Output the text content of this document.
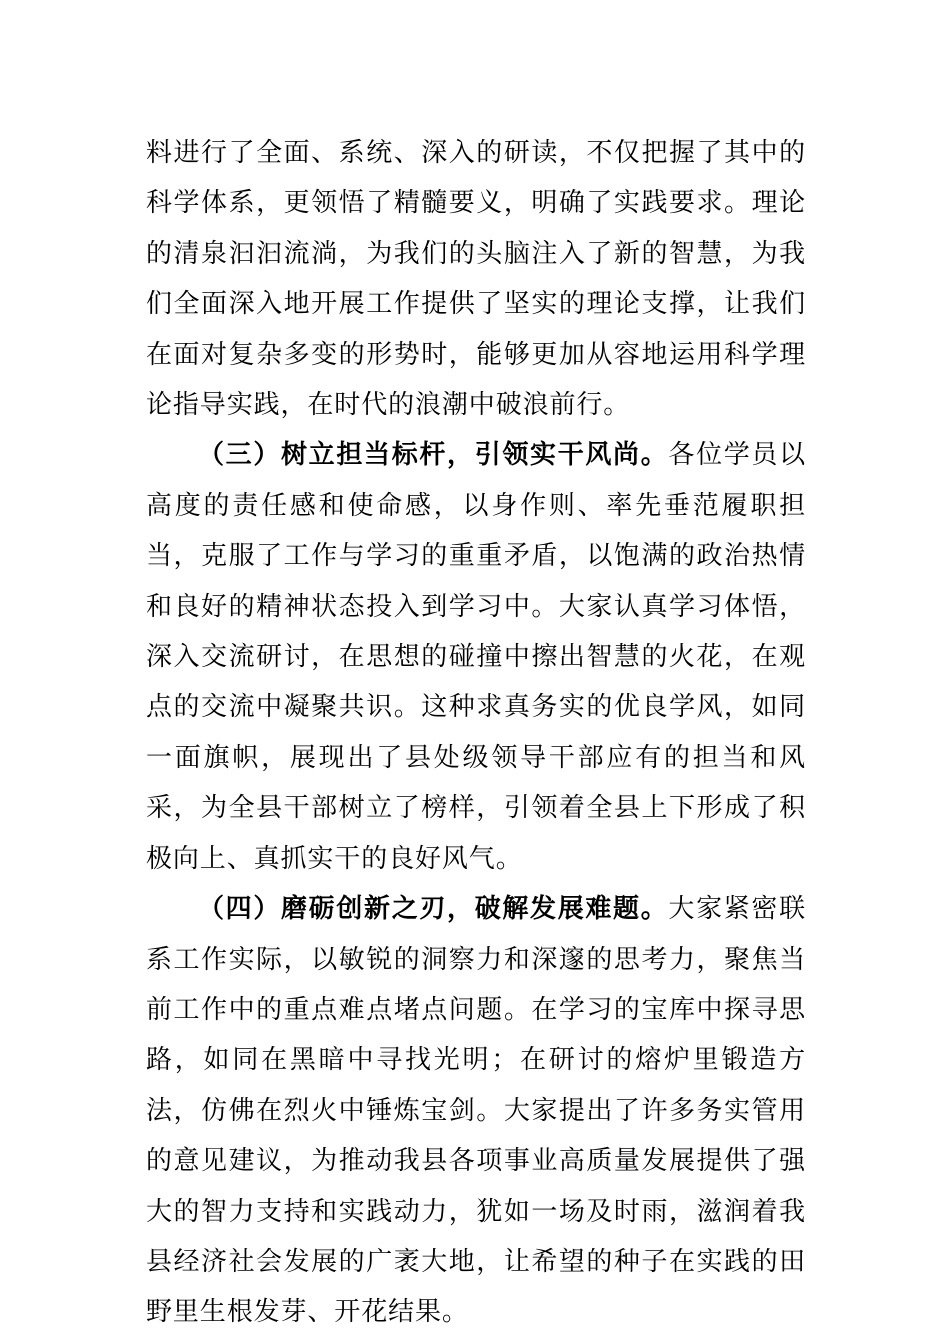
料进行了全面、系统、深入的研读，不仅把握了其中的科学体系，更领悟了精髓要义，明确了实践要求。理论的清泉汩汩流淌，为我们的头脑注入了新的智慧，为我们全面深入地开展工作提供了坚实的理论支撑，让我们在面对复杂多变的形势时，能够更加从容地运用科学理论指导实践，在时代的浪潮中破浪前行。

（三）树立担当标杆，引领实干风尚。各位学员以高度的责任感和使命感，以身作则、率先垂范履职担当，克服了工作与学习的重重矛盾，以饱满的政治热情和良好的精神状态投入到学习中。大家认真学习体悟，深入交流研讨，在思想的碰撞中擦出智慧的火花，在观点的交流中凝聚共识。这种求真务实的优良学风，如同一面旗帜，展现出了县处级领导干部应有的担当和风采，为全县干部树立了榜样，引领着全县上下形成了积极向上、真抓实干的良好风气。

（四）磨砺创新之刃，破解发展难题。大家紧密联系工作实际，以敏锐的洞察力和深邃的思考力，聚焦当前工作中的重点难点堵点问题。在学习的宝库中探寻思路，如同在黑暗中寻找光明；在研讨的熔炉里锻造方法，仿佛在烈火中锤炼宝剑。大家提出了许多务实管用的意见建议，为推动我县各项事业高质量发展提供了强大的智力支持和实践动力，犹如一场及时雨，滋润着我县经济社会发展的广袤大地，让希望的种子在实践的田野里生根发芽、开花结果。
